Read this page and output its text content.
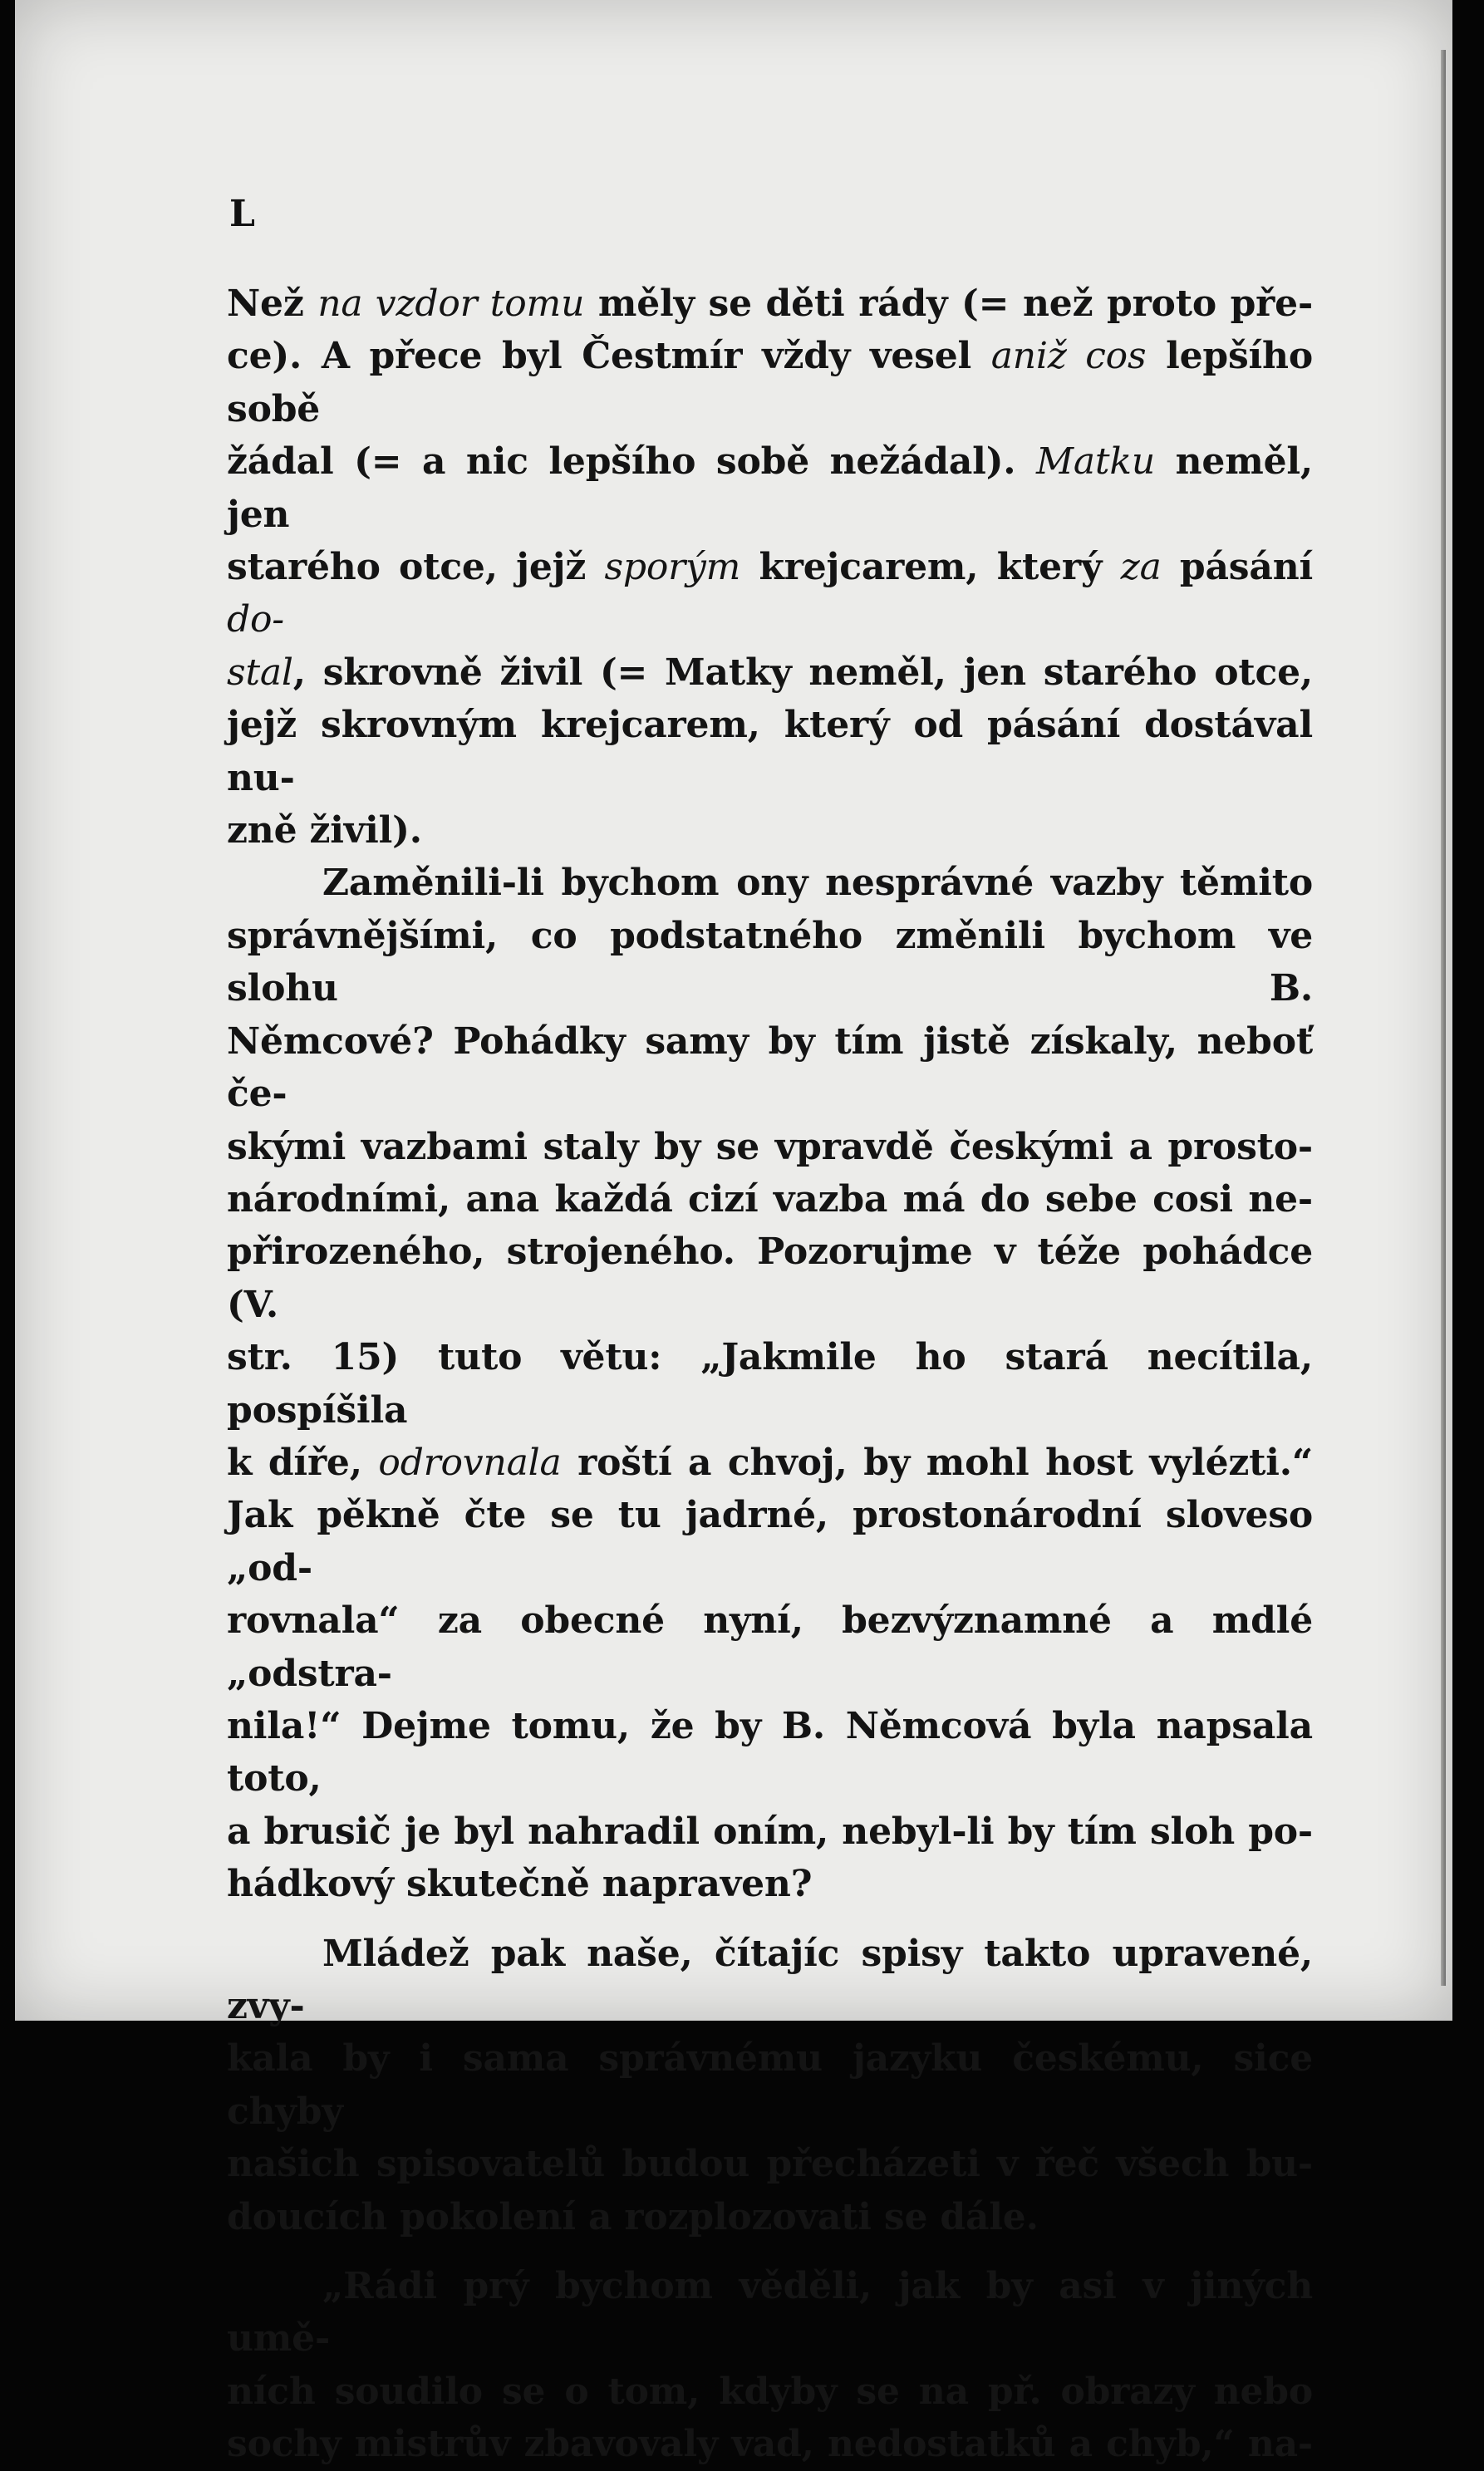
L

Než na vzdor tomu měly se děti rády (= než proto pře-

ce). A přece byl Čestmír vždy vesel aniž cos lepšího sobě

žádal (= a nic lepšího sobě nežádal). Matku neměl, jen

starého otce, jejž sporým krejcarem, který za pásání do-

stal, skrovně živil (= Matky neměl, jen starého otce,

jejž skrovným krejcarem, který od pásání dostával nu-

zně živil).

Zaměnili-li bychom ony nesprávné vazby těmito

správnějšími, co podstatného změnili bychom ve slohu B.

Němcové? Pohádky samy by tím jistě získaly, neboť če-

skými vazbami staly by se vpravdě českými a prosto-

národními, ana každá cizí vazba má do sebe cosi ne-

přirozeného, strojeného. Pozorujme v téže pohádce (V.

str. 15) tuto větu: „Jakmile ho stará necítila, pospíšila

k díře, odrovnala roští a chvoj, by mohl host vylézti.“

Jak pěkně čte se tu jadrné, prostonárodní sloveso „od-

rovnala“ za obecné nyní, bezvýznamné a mdlé „odstra-

nila!“ Dejme tomu, že by B. Němcová byla napsala toto,

a brusič je byl nahradil oním, nebyl-li by tím sloh po-

hádkový skutečně napraven?

Mládež pak naše, čítajíc spisy takto upravené, zvy-

kala by i sama správnému jazyku českému, sice chyby

našich spisovatelů budou přecházeti v řeč všech bu-

doucích pokolení a rozplozovati se dále.

„Rádi prý bychom věděli, jak by asi v jiných umě-

ních soudilo se o tom, kdyby se na př. obrazy nebo

sochy mistrův zbavovaly vad, nedostatků a chyb,“ na-
